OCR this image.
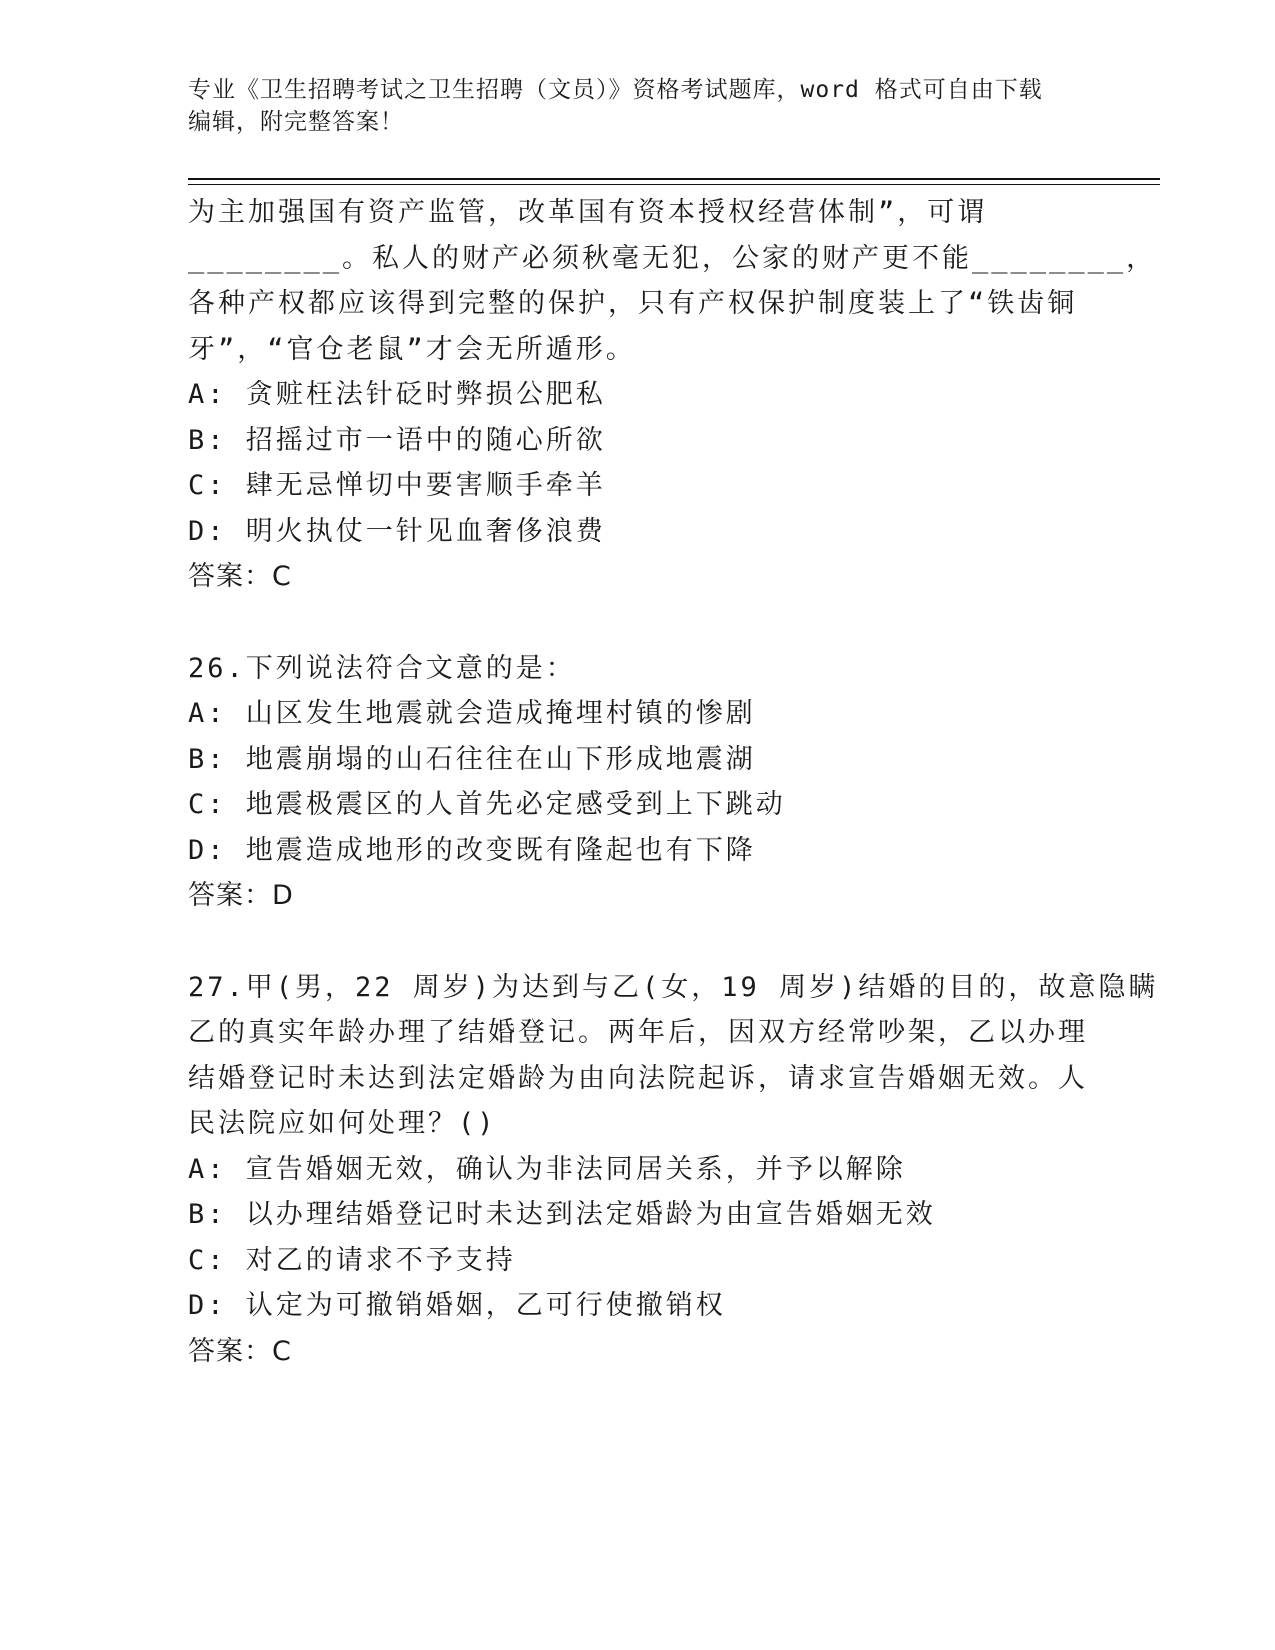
专业《卫生招聘考试之卫生招聘（文员）》资格考试题库，word 格式可自由下载
编辑，附完整答案！
为主加强国有资产监管，改革国有资本授权经营体制”，可谓
________。私人的财产必须秋毫无犯，公家的财产更不能________，
各种产权都应该得到完整的保护，只有产权保护制度装上了“铁齿铜
牙”，“官仓老鼠”才会无所遁形。
A: 贪赃枉法针砭时弊损公肥私
B: 招摇过市一语中的随心所欲
C: 肆无忌惮切中要害顺手牵羊
D: 明火执仗一针见血奢侈浪费
答案：C
26.下列说法符合文意的是：
A: 山区发生地震就会造成掩埋村镇的惨剧
B: 地震崩塌的山石往往在山下形成地震湖
C: 地震极震区的人首先必定感受到上下跳动
D: 地震造成地形的改变既有隆起也有下降
答案：D
27.甲(男，22 周岁)为达到与乙(女，19 周岁)结婚的目的，故意隐瞒
乙的真实年龄办理了结婚登记。两年后，因双方经常吵架，乙以办理
结婚登记时未达到法定婚龄为由向法院起诉，请求宣告婚姻无效。人
民法院应如何处理？()
A: 宣告婚姻无效，确认为非法同居关系，并予以解除
B: 以办理结婚登记时未达到法定婚龄为由宣告婚姻无效
C: 对乙的请求不予支持
D: 认定为可撤销婚姻，乙可行使撤销权
答案：C
